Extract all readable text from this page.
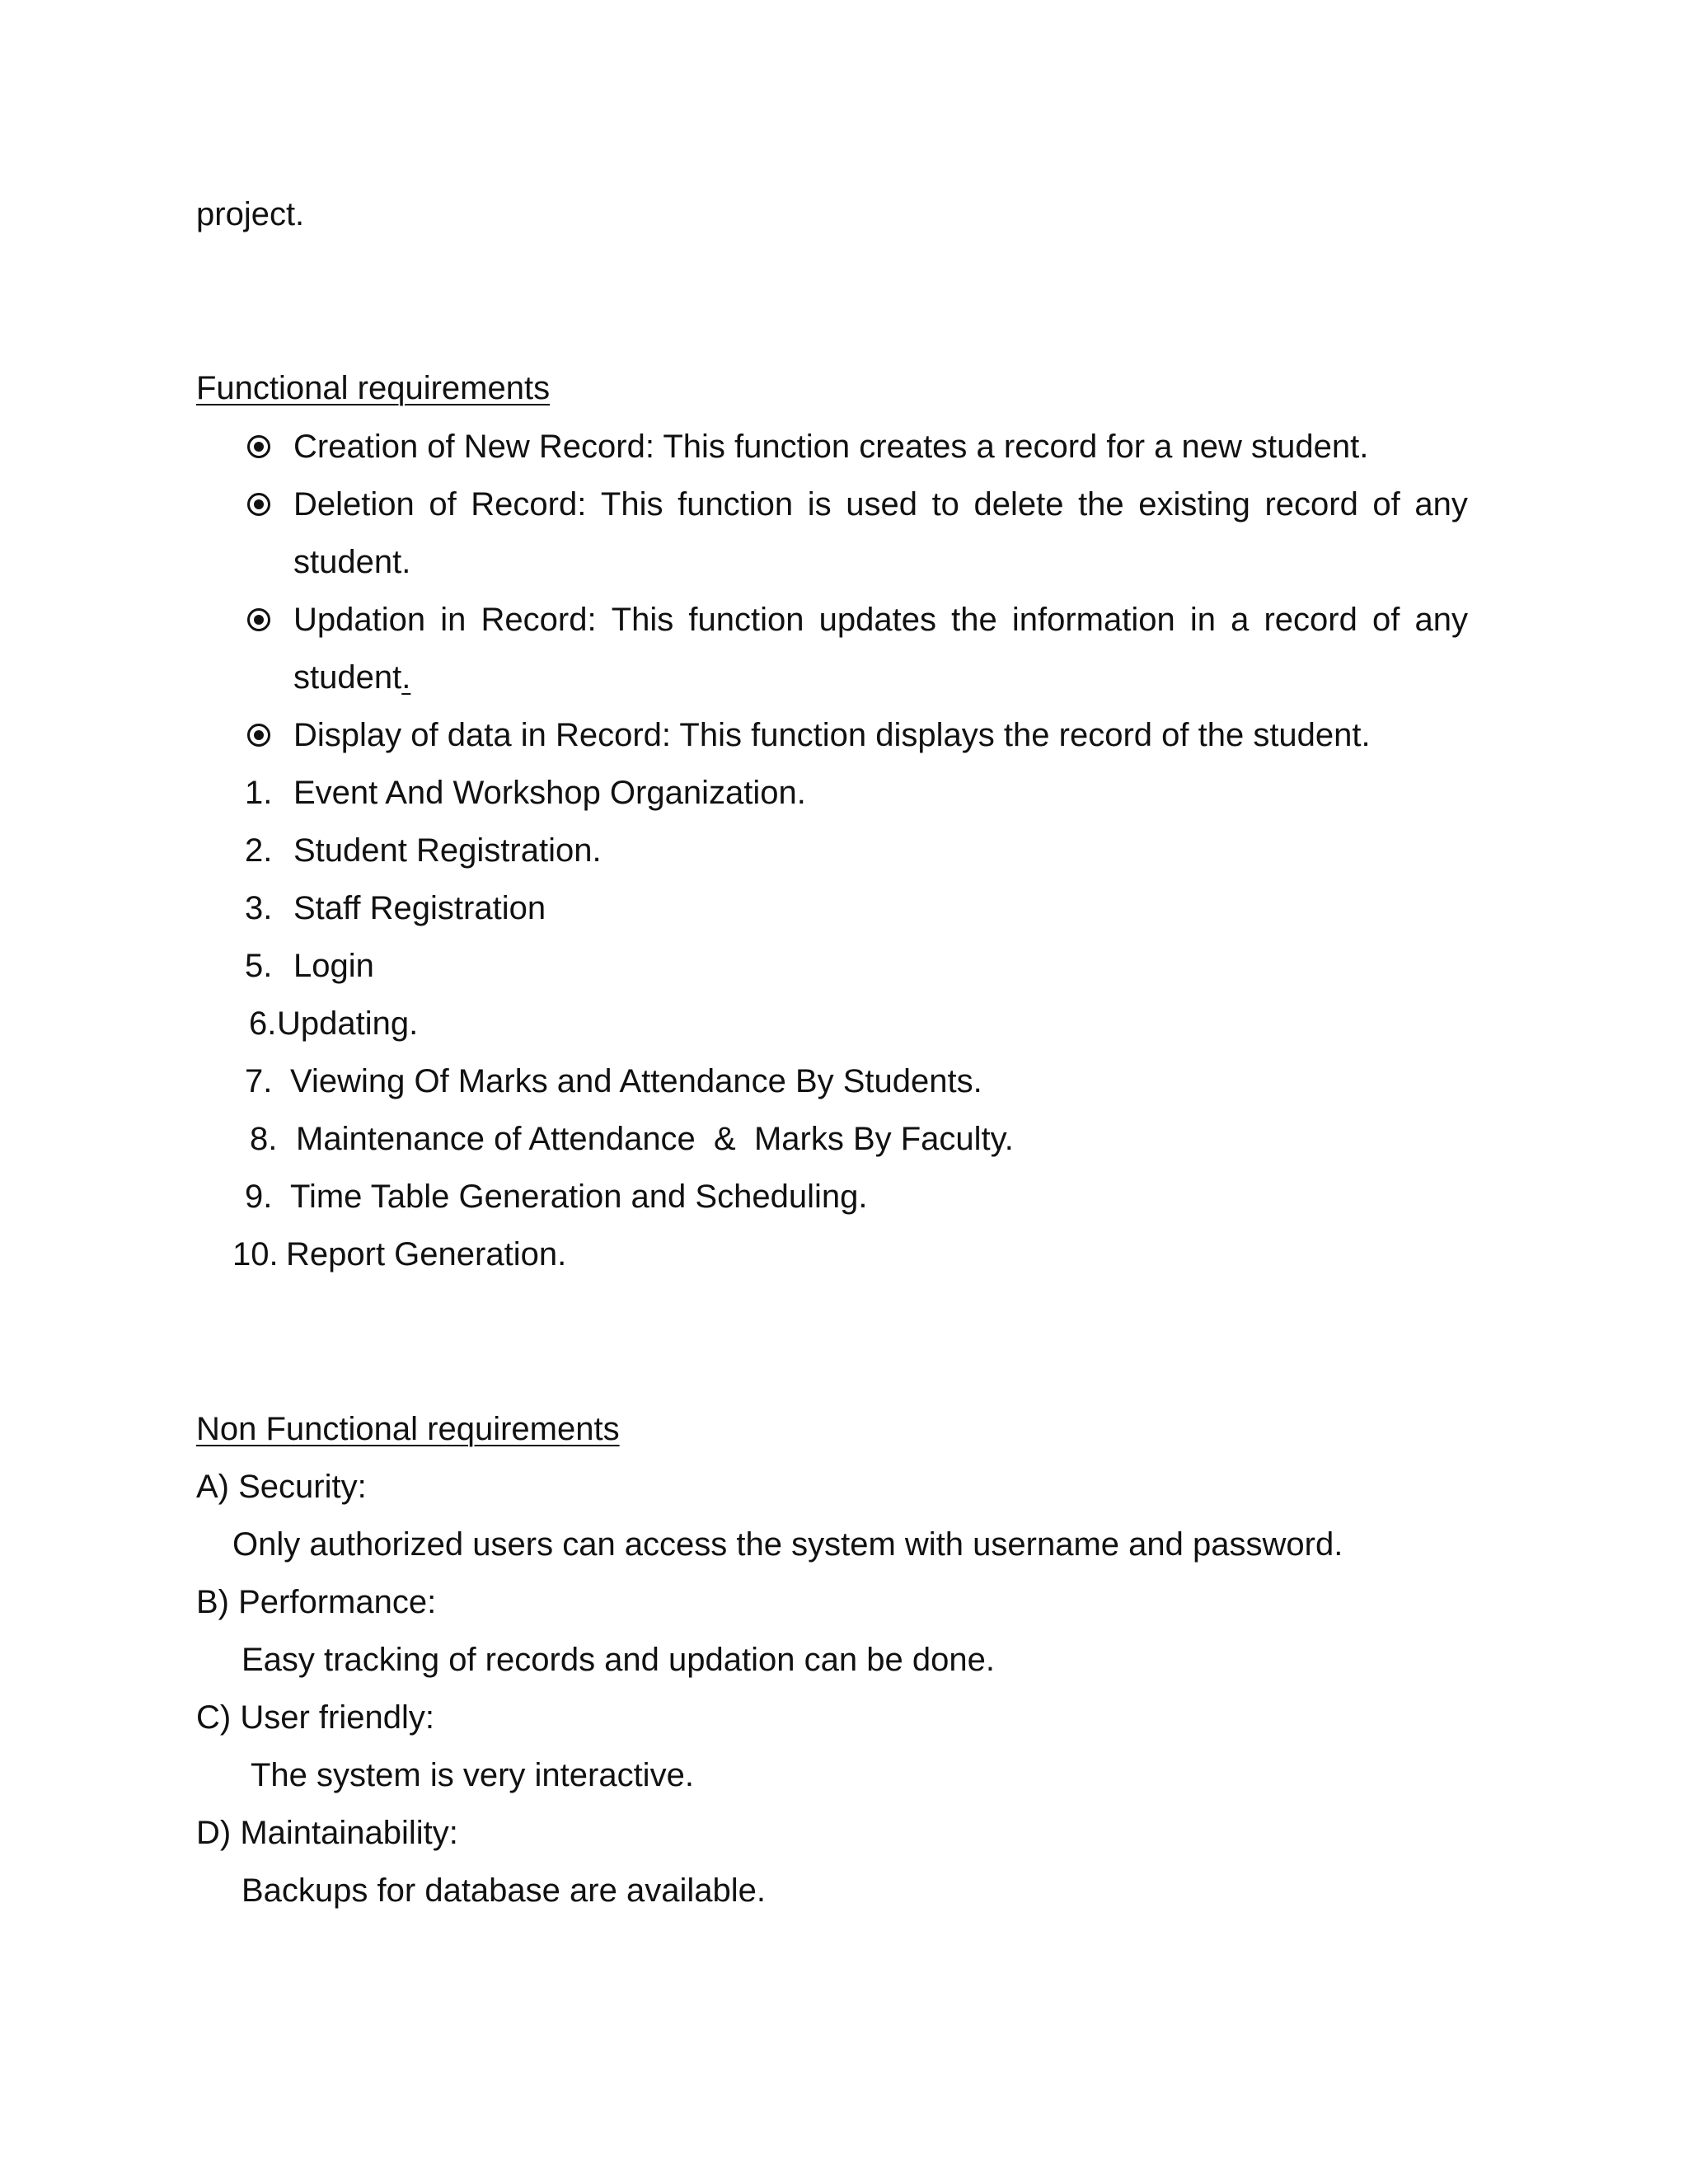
project.
Functional requirements
Creation of New Record: This function creates a record for a new student.
Deletion of Record: This function is used to delete the existing record of any
student.
Updation in Record: This function updates the information in a record of any
student.
Display of data in Record: This function displays the record of the student.
1. Event And Workshop Organization.
2. Student Registration.
3. Staff Registration
5. Login
6. Updating.
7. Viewing Of Marks and Attendance By Students.
8. Maintenance of Attendance  &  Marks By Faculty.
9. Time Table Generation and Scheduling.
10. Report Generation.
Non Functional requirements
A) Security:
Only authorized users can access the system with username and password.
B) Performance:
Easy tracking of records and updation can be done.
C) User friendly:
The system is very interactive.
D) Maintainability:
Backups for database are available.
